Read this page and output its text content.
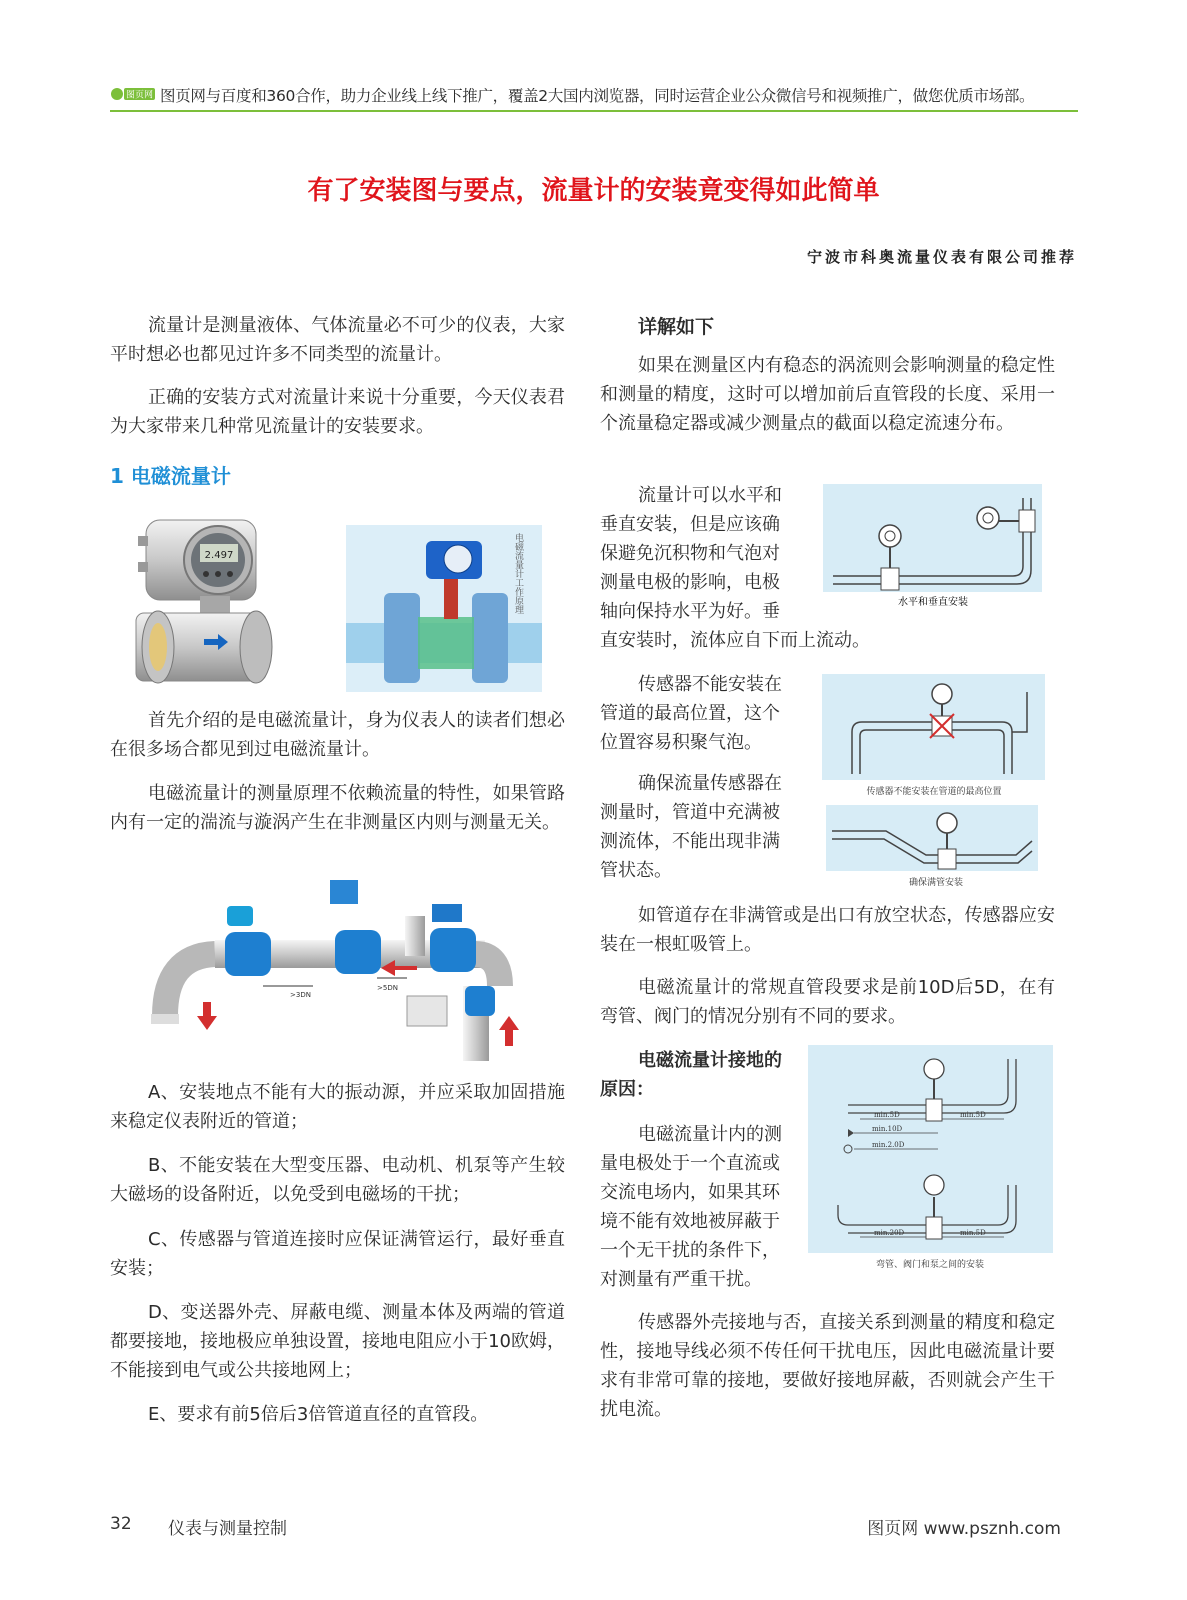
图页网 图页网与百度和360合作，助力企业线上线下推广，覆盖2大国内浏览器，同时运营企业公众微信号和视频推广，做您优质市场部。
有了安装图与要点，流量计的安装竟变得如此简单
宁波市科奥流量仪表有限公司推荐

流量计是测量液体、气体流量必不可少的仪表，大家平时想必也都见过许多不同类型的流量计。

正确的安装方式对流量计来说十分重要，今天仪表君为大家带来几种常见流量计的安装要求。

1 电磁流量计
2.497	电磁流量计工作原理

首先介绍的是电磁流量计，身为仪表人的读者们想必在很多场合都见到过电磁流量计。

电磁流量计的测量原理不依赖流量的特性，如果管路内有一定的湍流与漩涡产生在非测量区内则与测量无关。

>3DN
>5DN

A、安装地点不能有大的振动源，并应采取加固措施来稳定仪表附近的管道；

B、不能安装在大型变压器、电动机、机泵等产生较大磁场的设备附近，以免受到电磁场的干扰；

C、传感器与管道连接时应保证满管运行，最好垂直安装；

D、变送器外壳、屏蔽电缆、测量本体及两端的管道都要接地，接地极应单独设置，接地电阻应小于10欧姆，不能接到电气或公共接地网上；

E、要求有前5倍后3倍管道直径的直管段。

详解如下

如果在测量区内有稳态的涡流则会影响测量的稳定性和测量的精度，这时可以增加前后直管段的长度、采用一个流量稳定器或减少测量点的截面以稳定流速分布。

流量计可以水平和

垂直安装，但是应该确

保避免沉积物和气泡对

测量电极的影响，电极

轴向保持水平为好。垂

直安装时，流体应自下而上流动。

水平和垂直安装

传感器不能安装在

管道的最高位置，这个

位置容易积聚气泡。

传感器不能安装在管道的最高位置

确保流量传感器在

测量时，管道中充满被

测流体，不能出现非满

管状态。

确保满管安装

如管道存在非满管或是出口有放空状态，传感器应安装在一根虹吸管上。

电磁流量计的常规直管段要求是前10D后5D，在有弯管、阀门的情况分别有不同的要求。

电磁流量计接地的
原因：

电磁流量计内的测

量电极处于一个直流或

交流电场内，如果其环

境不能有效地被屏蔽于

一个无干扰的条件下，

对测量有严重干扰。

min.5D	min.5D
min.10D
min.2.0D
min.20D	min.5D
弯管、阀门和泵之间的安装

传感器外壳接地与否，直接关系到测量的精度和稳定性，接地导线必须不传任何干扰电压，因此电磁流量计要求有非常可靠的接地，要做好接地屏蔽，否则就会产生干扰电流。

32 仪表与测量控制	图页网 www.psznh.com
